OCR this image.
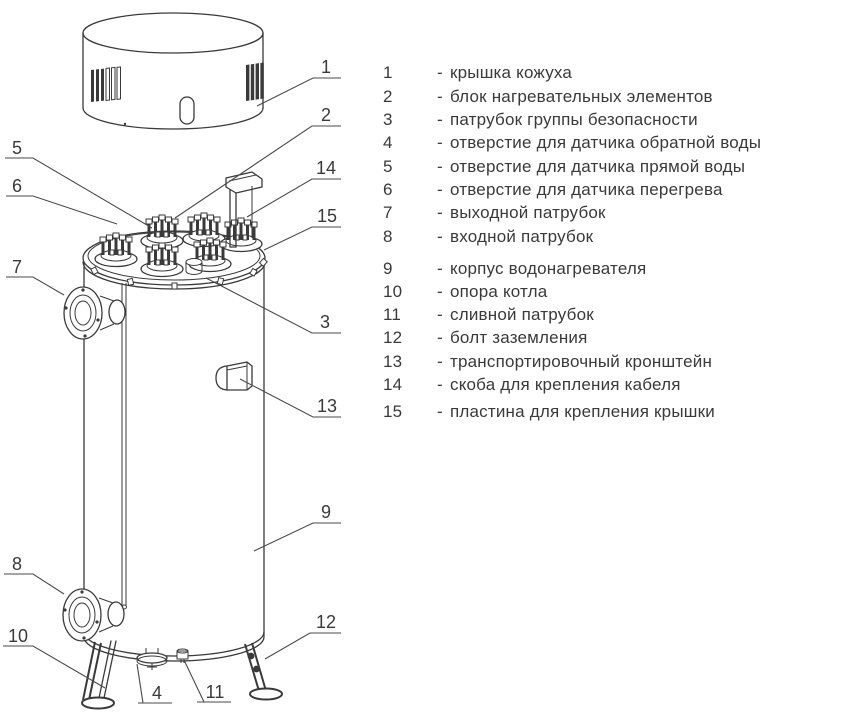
1
2
14
15
3
13
9
12
5
6
7
8
10
4 11
1	- крышка кожуха
2	- блок нагревательных элементов
3	- патрубок группы безопасности
4	- отверстие для датчика обратной воды
5	- отверстие для датчика прямой воды
6	- отверстие для датчика перегрева
7	- выходной патрубок
8	- входной патрубок
9	- корпус водонагревателя
10	- опора котла
11	- сливной патрубок
12	- болт заземления
13	- транспортировочный кронштейн
14	- скоба для крепления кабеля
15	- пластина для крепления крышки
